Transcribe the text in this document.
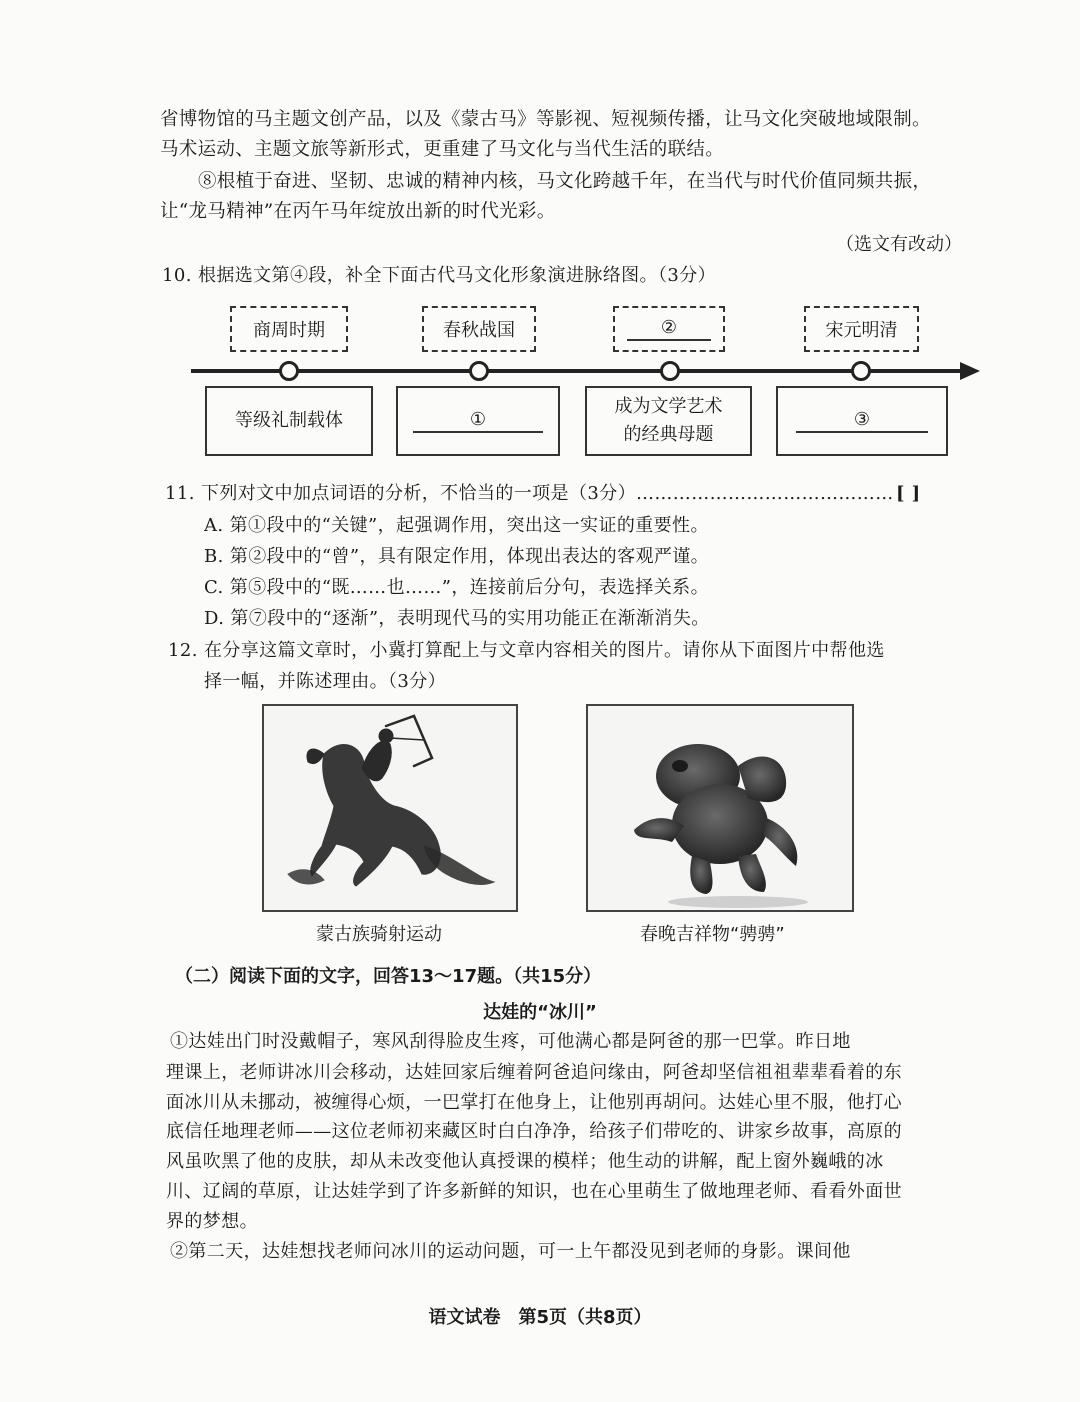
省博物馆的马主题文创产品，以及《蒙古马》等影视、短视频传播，让马文化突破地域限制。
马术运动、主题文旅等新形式，更重建了马文化与当代生活的联结。
⑧根植于奋进、坚韧、忠诚的精神内核，马文化跨越千年，在当代与时代价值同频共振，
让“龙马精神”在丙午马年绽放出新的时代光彩。
（选文有改动）
10. 根据选文第④段，补全下面古代马文化形象演进脉络图。（3分）
商周时期	春秋战国	②	宋元明清
等级礼制载体	①
成为文学艺术
的经典母题
③
11. 下列对文中加点词语的分析，不恰当的一项是（3分）…………………………………… [ ]
A. 第①段中的“关键”，起强调作用，突出这一实证的重要性。
B. 第②段中的“曾”，具有限定作用，体现出表达的客观严谨。
C. 第⑤段中的“既……也……”，连接前后分句，表选择关系。
D. 第⑦段中的“逐渐”，表明现代马的实用功能正在渐渐消失。
12. 在分享这篇文章时，小冀打算配上与文章内容相关的图片。请你从下面图片中帮他选
择一幅，并陈述理由。（3分）
蒙古族骑射运动	春晚吉祥物“骋骋”
（二）阅读下面的文字，回答13～17题。（共15分）
达娃的“冰川”
①达娃出门时没戴帽子，寒风刮得脸皮生疼，可他满心都是阿爸的那一巴掌。昨日地
理课上，老师讲冰川会移动，达娃回家后缠着阿爸追问缘由，阿爸却坚信祖祖辈辈看着的东
面冰川从未挪动，被缠得心烦，一巴掌打在他身上，让他别再胡问。达娃心里不服，他打心
底信任地理老师——这位老师初来藏区时白白净净，给孩子们带吃的、讲家乡故事，高原的
风虽吹黑了他的皮肤，却从未改变他认真授课的模样；他生动的讲解，配上窗外巍峨的冰
川、辽阔的草原，让达娃学到了许多新鲜的知识，也在心里萌生了做地理老师、看看外面世
界的梦想。
②第二天，达娃想找老师问冰川的运动问题，可一上午都没见到老师的身影。课间他
语文试卷　第5页（共8页）
